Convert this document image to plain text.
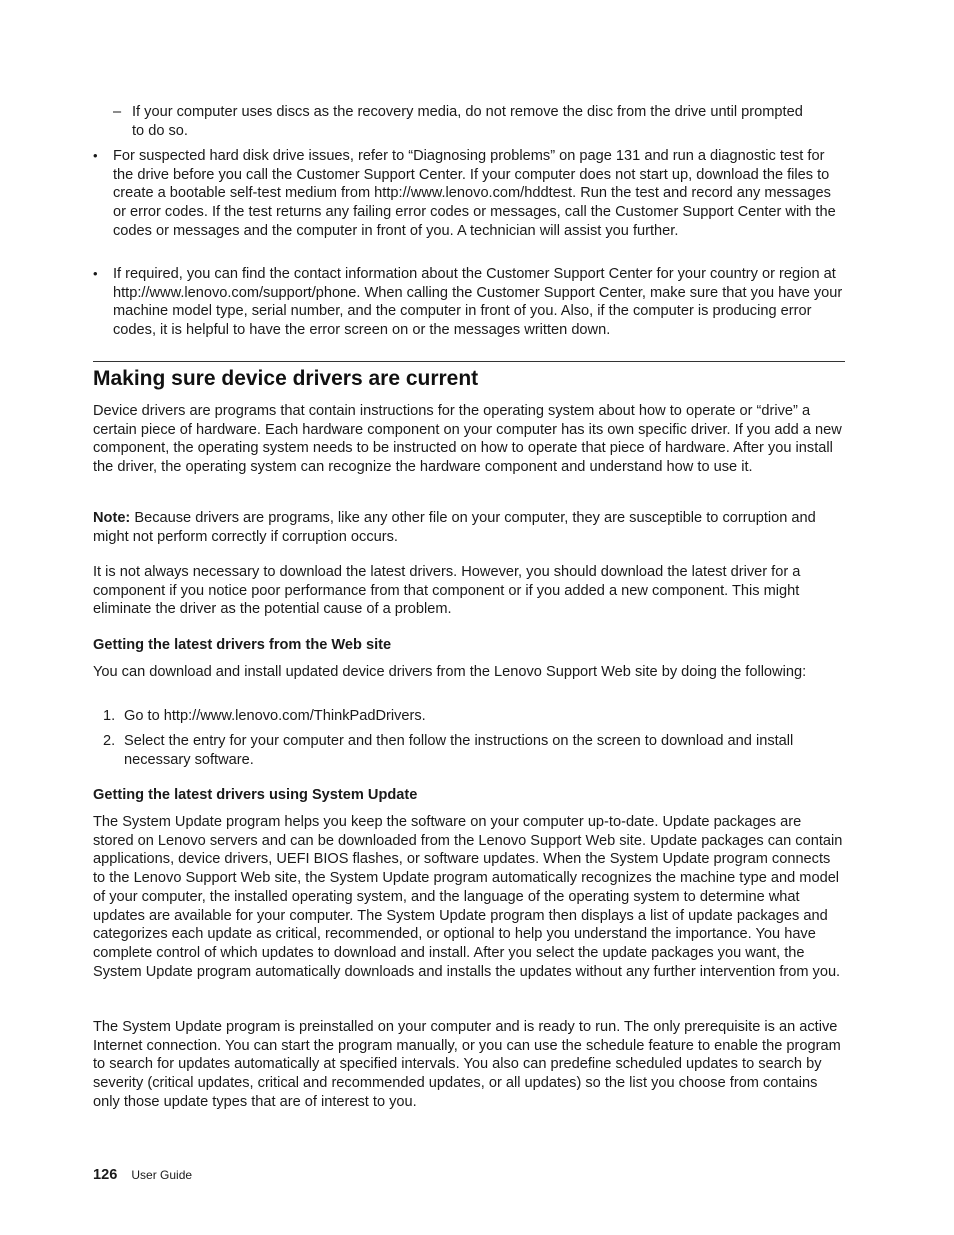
– If your computer uses discs as the recovery media, do not remove the disc from the drive until prompted to do so.

• For suspected hard disk drive issues, refer to “Diagnosing problems” on page 131 and run a diagnostic test for the drive before you call the Customer Support Center. If your computer does not start up, download the files to create a bootable self-test medium from http://www.lenovo.com/hddtest. Run the test and record any messages or error codes. If the test returns any failing error codes or messages, call the Customer Support Center with the codes or messages and the computer in front of you. A technician will assist you further.

• If required, you can find the contact information about the Customer Support Center for your country or region at http://www.lenovo.com/support/phone. When calling the Customer Support Center, make sure that you have your machine model type, serial number, and the computer in front of you. Also, if the computer is producing error codes, it is helpful to have the error screen on or the messages written down.

Making sure device drivers are current

Device drivers are programs that contain instructions for the operating system about how to operate or “drive” a certain piece of hardware. Each hardware component on your computer has its own specific driver. If you add a new component, the operating system needs to be instructed on how to operate that piece of hardware. After you install the driver, the operating system can recognize the hardware component and understand how to use it.

Note: Because drivers are programs, like any other file on your computer, they are susceptible to corruption and might not perform correctly if corruption occurs.

It is not always necessary to download the latest drivers. However, you should download the latest driver for a component if you notice poor performance from that component or if you added a new component. This might eliminate the driver as the potential cause of a problem.

Getting the latest drivers from the Web site

You can download and install updated device drivers from the Lenovo Support Web site by doing the following:

1. Go to http://www.lenovo.com/ThinkPadDrivers.

2. Select the entry for your computer and then follow the instructions on the screen to download and install necessary software.

Getting the latest drivers using System Update

The System Update program helps you keep the software on your computer up-to-date. Update packages are stored on Lenovo servers and can be downloaded from the Lenovo Support Web site. Update packages can contain applications, device drivers, UEFI BIOS flashes, or software updates. When the System Update program connects to the Lenovo Support Web site, the System Update program automatically recognizes the machine type and model of your computer, the installed operating system, and the language of the operating system to determine what updates are available for your computer. The System Update program then displays a list of update packages and categorizes each update as critical, recommended, or optional to help you understand the importance. You have complete control of which updates to download and install. After you select the update packages you want, the System Update program automatically downloads and installs the updates without any further intervention from you.

The System Update program is preinstalled on your computer and is ready to run. The only prerequisite is an active Internet connection. You can start the program manually, or you can use the schedule feature to enable the program to search for updates automatically at specified intervals. You also can predefine scheduled updates to search by severity (critical updates, critical and recommended updates, or all updates) so the list you choose from contains only those update types that are of interest to you.

126 User Guide
